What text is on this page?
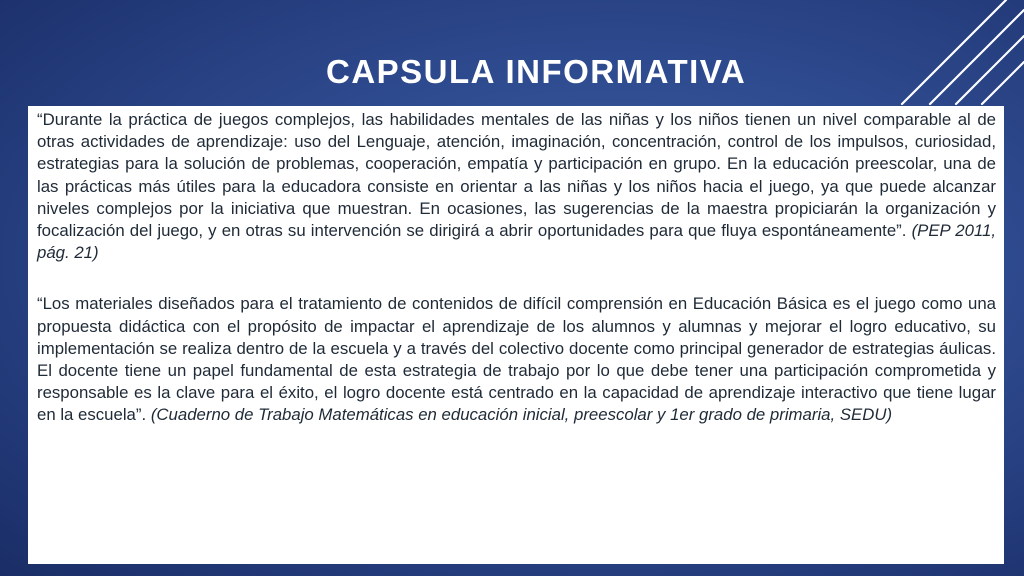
CAPSULA INFORMATIVA

“Durante la práctica de juegos complejos, las habilidades mentales de las niñas y los niños tienen un nivel comparable al de otras actividades de aprendizaje: uso del Lenguaje, atención, imaginación, concentración, control de los impulsos, curiosidad, estrategias para la solución de problemas, cooperación, empatía y participación en grupo. En la educación preescolar, una de las prácticas más útiles para la educadora consiste en orientar a las niñas y los niños hacia el juego, ya que puede alcanzar niveles complejos por la iniciativa que muestran. En ocasiones, las sugerencias de la maestra propiciarán la organización y focalización del juego, y en otras su intervención se dirigirá a abrir oportunidades para que fluya espontáneamente”. (PEP 2011, pág. 21)

“Los materiales diseñados para el tratamiento de contenidos de difícil comprensión en Educación Básica es el juego como una propuesta didáctica con el propósito de impactar el aprendizaje de los alumnos y alumnas y mejorar el logro educativo, su implementación se realiza dentro de la escuela y a través del colectivo docente como principal generador de estrategias áulicas. El docente tiene un papel fundamental de esta estrategia de trabajo por lo que debe tener una participación comprometida y responsable es la clave para el éxito, el logro docente está centrado en la capacidad de aprendizaje interactivo que tiene lugar en la escuela”. (Cuaderno de Trabajo Matemáticas en educación inicial, preescolar y 1er grado de primaria, SEDU)
